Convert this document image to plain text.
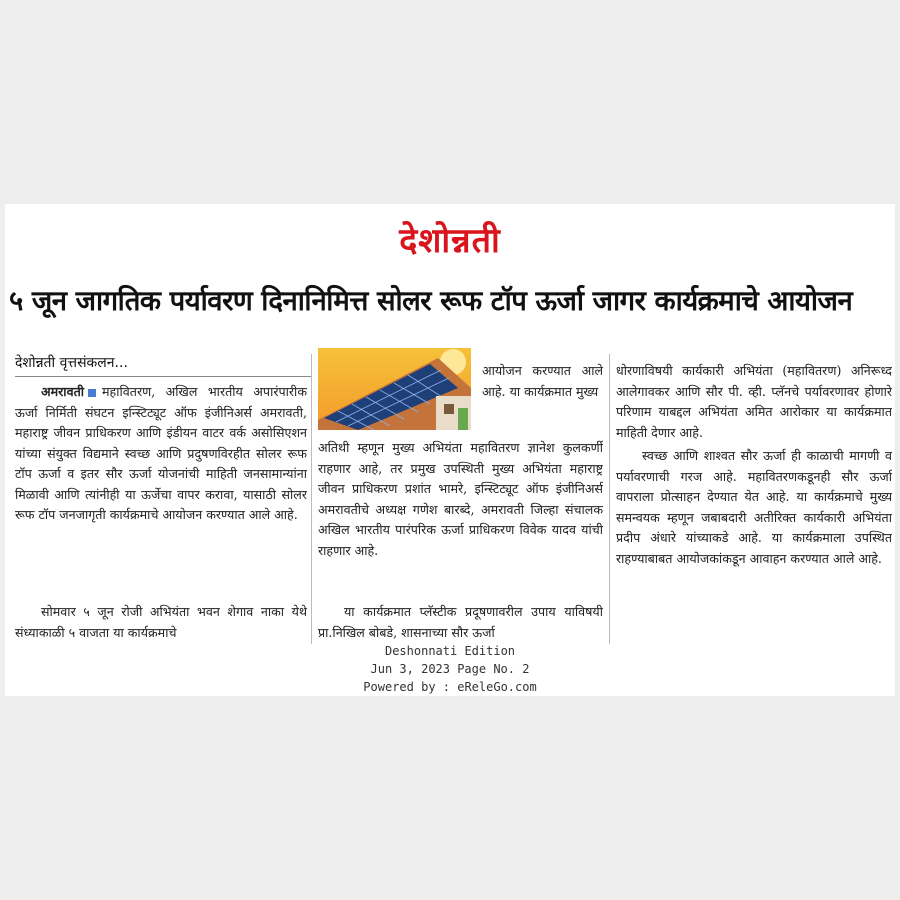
देशोन्नती
५ जून जागतिक पर्यावरण दिनानिमित्त सोलर रूफ टॉप ऊर्जा जागर कार्यक्रमाचे आयोजन
देशोन्नती वृत्तसंकलन...
अमरावती महावितरण, अखिल भारतीय अपारंपारीक ऊर्जा निर्मिती संघटन इन्स्टिट्यूट ऑफ इंजीनिअर्स अमरावती, महाराष्ट्र जीवन प्राधिकरण आणि इंडीयन वाटर वर्क असोसिएशन यांच्या संयुक्त विद्यमाने स्वच्छ आणि प्रदुषणविरहीत सोलर रूफ टॉप ऊर्जा व इतर सौर ऊर्जा योजनांची माहिती जनसामान्यांना मिळावी आणि त्यांनीही या ऊर्जेचा वापर करावा, यासाठी सोलर रूफ टॉप जनजागृती कार्यक्रमाचे आयोजन करण्यात आले आहे.
सोमवार ५ जून रोजी अभियंता भवन शेगाव नाका येथे संध्याकाळी ५ वाजता या कार्यक्रमाचे
आयोजन करण्यात आले आहे. या कार्यक्रमात मुख्य
अतिथी म्हणून मुख्य अभियंता महावितरण ज्ञानेश कुलकर्णी राहणार आहे, तर प्रमुख उपस्थिती मुख्य अभियंता महाराष्ट्र जीवन प्राधिकरण प्रशांत भामरे, इन्स्टिट्यूट ऑफ इंजीनिअर्स अमरावतीचे अध्यक्ष गणेश बारब्दे, अमरावती जिल्हा संचालक अखिल भारतीय पारंपरिक ऊर्जा प्राधिकरण विवेक यादव यांची राहणार आहे.
या कार्यक्रमात प्लॅस्टीक प्रदूषणावरील उपाय याविषयी प्रा.निखिल बोबडे, शासनाच्या सौर ऊर्जा
धोरणाविषयी कार्यकारी अभियंता (महावितरण) अनिरूध्द आलेगावकर आणि सौर पी. व्ही. प्लॅनचे पर्यावरणावर होणारे परिणाम याबद्दल अभियंता अमित आरोकार या कार्यक्रमात माहिती देणार आहे.
स्वच्छ आणि शाश्वत सौर ऊर्जा ही काळाची मागणी व पर्यावरणाची गरज आहे. महावितरणकडूनही सौर ऊर्जा वापराला प्रोत्साहन देण्यात येत आहे. या कार्यक्रमाचे मुख्य समन्वयक म्हणून जबाबदारी अतीरिक्त कार्यकारी अभियंता प्रदीप अंधारे यांच्याकडे आहे. या कार्यक्रमाला उपस्थित राहण्याबाबत आयोजकांकडून आवाहन करण्यात आले आहे.
Deshonnati Edition
Jun 3, 2023 Page No. 2
Powered by : eReleGo.com
